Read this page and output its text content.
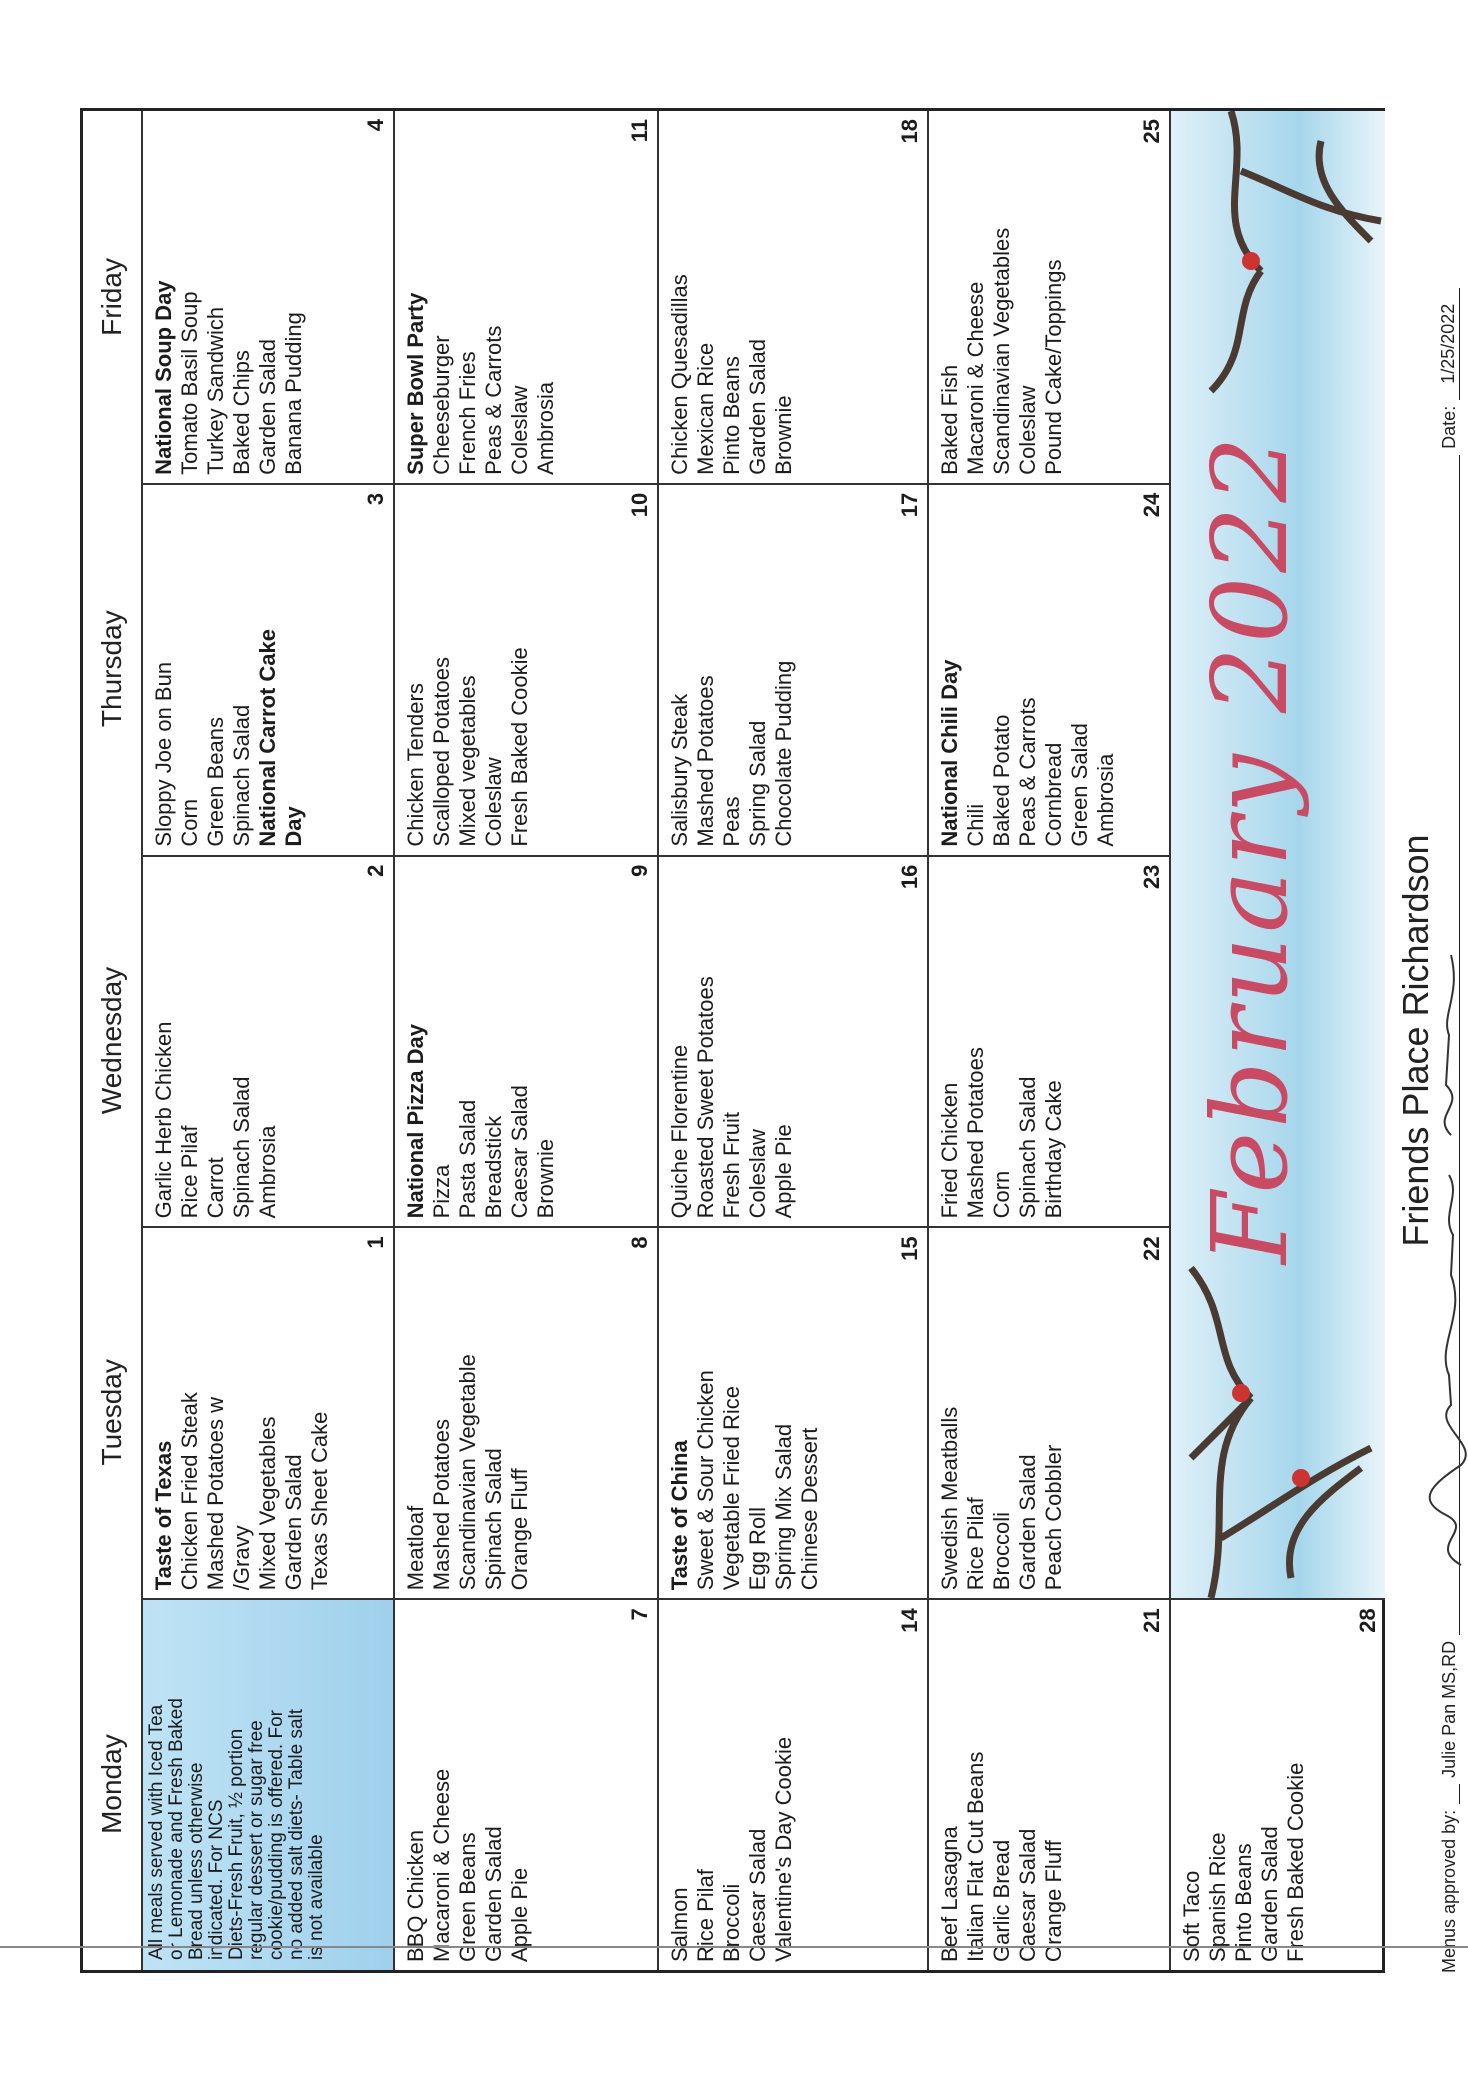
Monday
Tuesday
Wednesday
Thursday
Friday
All meals served with Iced Tea or Lemonade and Fresh Baked Bread unless otherwise indicated. For NCS Diets-Fresh Fruit, ½ portion regular dessert or sugar free cookie/pudding is offered. For no added salt diets- Table salt is not available
Taste of Texas Chicken Fried Steak Mashed Potatoes w /Gravy Mixed Vegetables Garden Salad Texas Sheet Cake
1
Garlic Herb Chicken Rice Pilaf Carrot Spinach Salad Ambrosia
2
Sloppy Joe on Bun Corn Green Beans Spinach Salad National Carrot Cake Day
3
National Soup Day Tomato Basil Soup Turkey Sandwich Baked Chips Garden Salad Banana Pudding
4
BBQ Chicken Macaroni & Cheese Green Beans Garden Salad Apple Pie
7
Meatloaf Mashed Potatoes Scandinavian Vegetable Spinach Salad Orange Fluff
8
National Pizza Day Pizza Pasta Salad Breadstick Caesar Salad Brownie
9
Chicken Tenders Scalloped Potatoes Mixed vegetables Coleslaw Fresh Baked Cookie
10
Super Bowl Party Cheeseburger French Fries Peas & Carrots Coleslaw Ambrosia
11
Salmon Rice Pilaf Broccoli Caesar Salad Valentine's Day Cookie
14
Taste of China Sweet & Sour Chicken Vegetable Fried Rice Egg Roll Spring Mix Salad Chinese Dessert
15
Quiche Florentine Roasted Sweet Potatoes Fresh Fruit Coleslaw Apple Pie
16
Salisbury Steak Mashed Potatoes Peas Spring Salad Chocolate Pudding
17
Chicken Quesadillas Mexican Rice Pinto Beans Garden Salad Brownie
18
Beef Lasagna Italian Flat Cut Beans Garlic Bread Caesar Salad Orange Fluff
21
Swedish Meatballs Rice Pilaf Broccoli Garden Salad Peach Cobbler
22
Fried Chicken Mashed Potatoes Corn Spinach Salad Birthday Cake
23
National Chili Day Chili Baked Potato Peas & Carrots Cornbread Green Salad Ambrosia
24
Baked Fish Macaroni & Cheese Scandinavian Vegetables Coleslaw Pound Cake/Toppings
25
Soft Taco Spanish Rice Pinto Beans Garden Salad Fresh Baked Cookie
28
February 2022 Friends Place Richardson
Menus approved by:
Julie Pan MS,RD
Date:
1/25/2022
